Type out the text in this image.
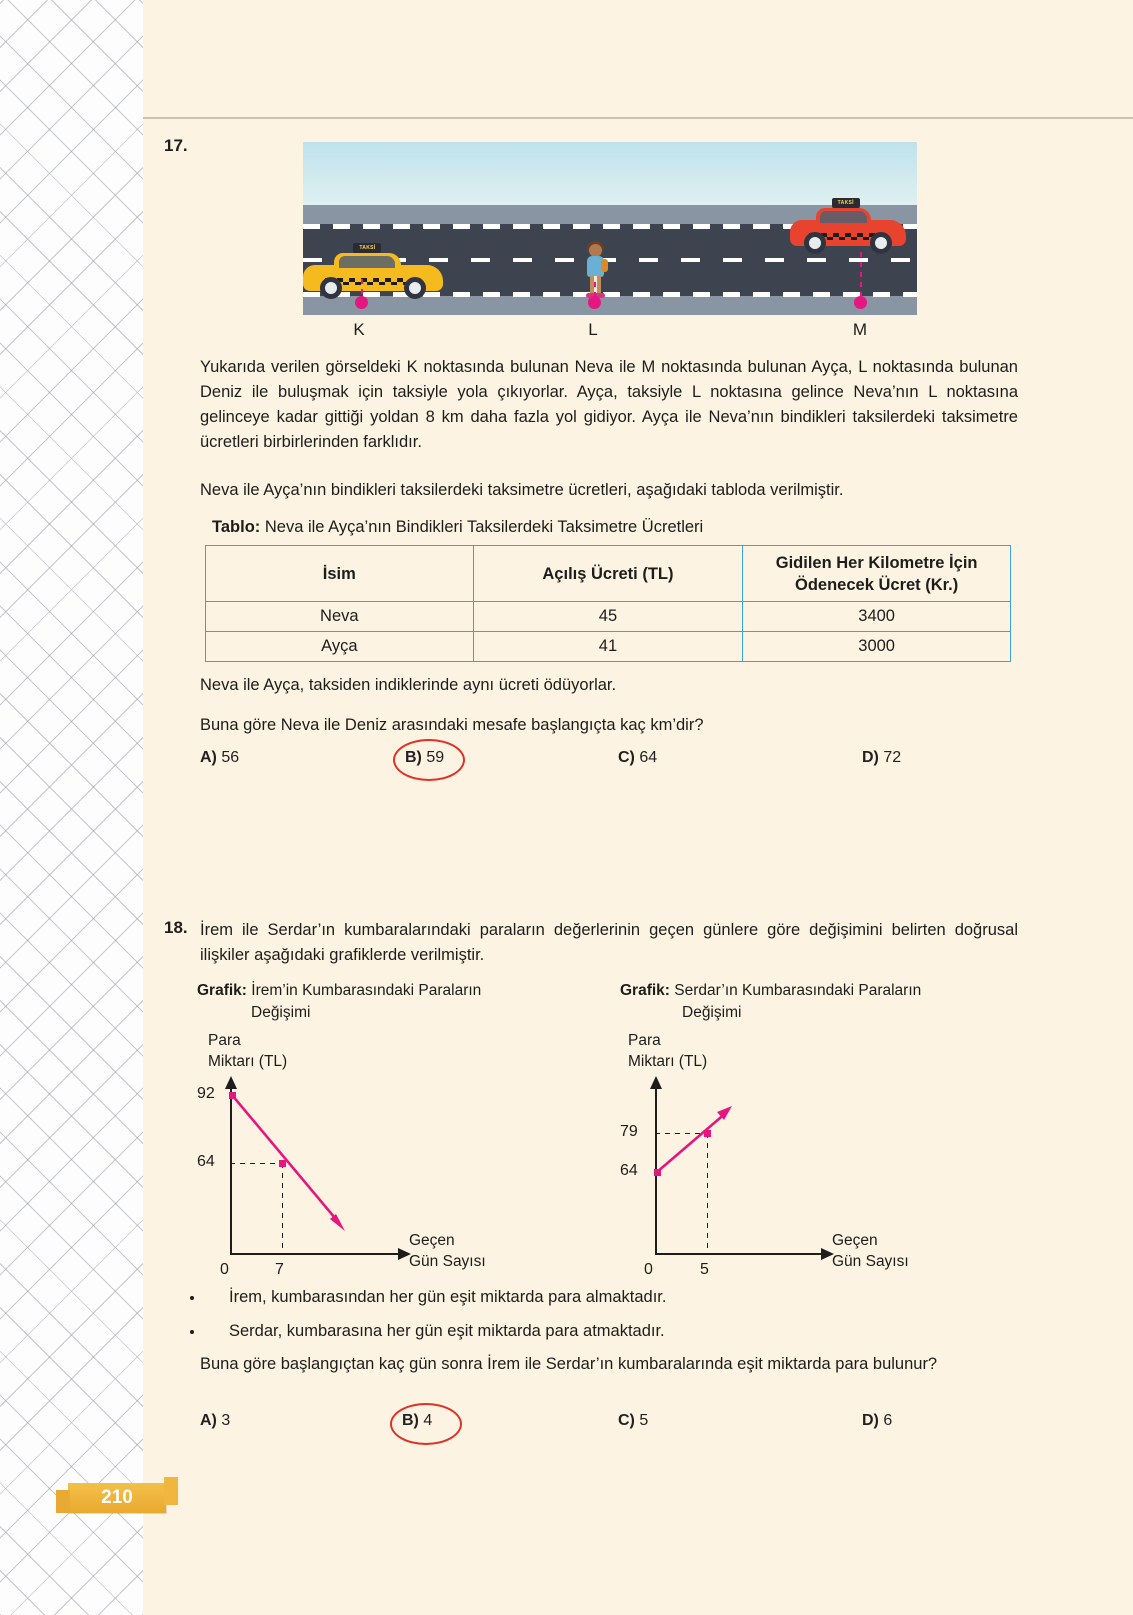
17.
TAKSİ
TAKSİ
K	L	M
Yukarıda verilen görseldeki K noktasında bulunan Neva ile M noktasında bulunan Ayça, L noktasında bulunan Deniz ile buluşmak için taksiyle yola çıkıyorlar. Ayça, taksiyle L noktasına gelince Neva’nın L noktasına gelinceye kadar gittiği yoldan 8 km daha fazla yol gidiyor. Ayça ile Neva’nın bindikleri taksilerdeki taksimetre ücretleri birbirlerinden farklıdır.
Neva ile Ayça’nın bindikleri taksilerdeki taksimetre ücretleri, aşağıdaki tabloda verilmiştir.
Tablo: Neva ile Ayça’nın Bindikleri Taksilerdeki Taksimetre Ücretleri
İsim	Açılış Ücreti (TL)	Gidilen Her Kilometre İçin
Ödenecek Ücret (Kr.)
Neva	45	3400
Ayça	41	3000
Neva ile Ayça, taksiden indiklerinde aynı ücreti ödüyorlar.
Buna göre Neva ile Deniz arasındaki mesafe başlangıçta kaç km’dir?
A) 56	B) 59	C) 64	D) 72
18. İrem ile Serdar’ın kumbaralarındaki paraların değerlerinin geçen günlere göre değişimini belirten doğrusal ilişkiler aşağıdaki grafiklerde verilmiştir.
Grafik: İrem’in Kumbarasındaki Paraların
Değişimi
Grafik: Serdar’ın Kumbarasındaki Paraların
Değişimi
Para
Miktarı (TL)
92
64
0	7
Geçen
Gün Sayısı
Para
Miktarı (TL)
79
64
0	5
Geçen
Gün Sayısı
İrem, kumbarasından her gün eşit miktarda para almaktadır.
Serdar, kumbarasına her gün eşit miktarda para atmaktadır.
Buna göre başlangıçtan kaç gün sonra İrem ile Serdar’ın kumbaralarında eşit miktarda para bulunur?
A) 3	B) 4	C) 5	D) 6
210
